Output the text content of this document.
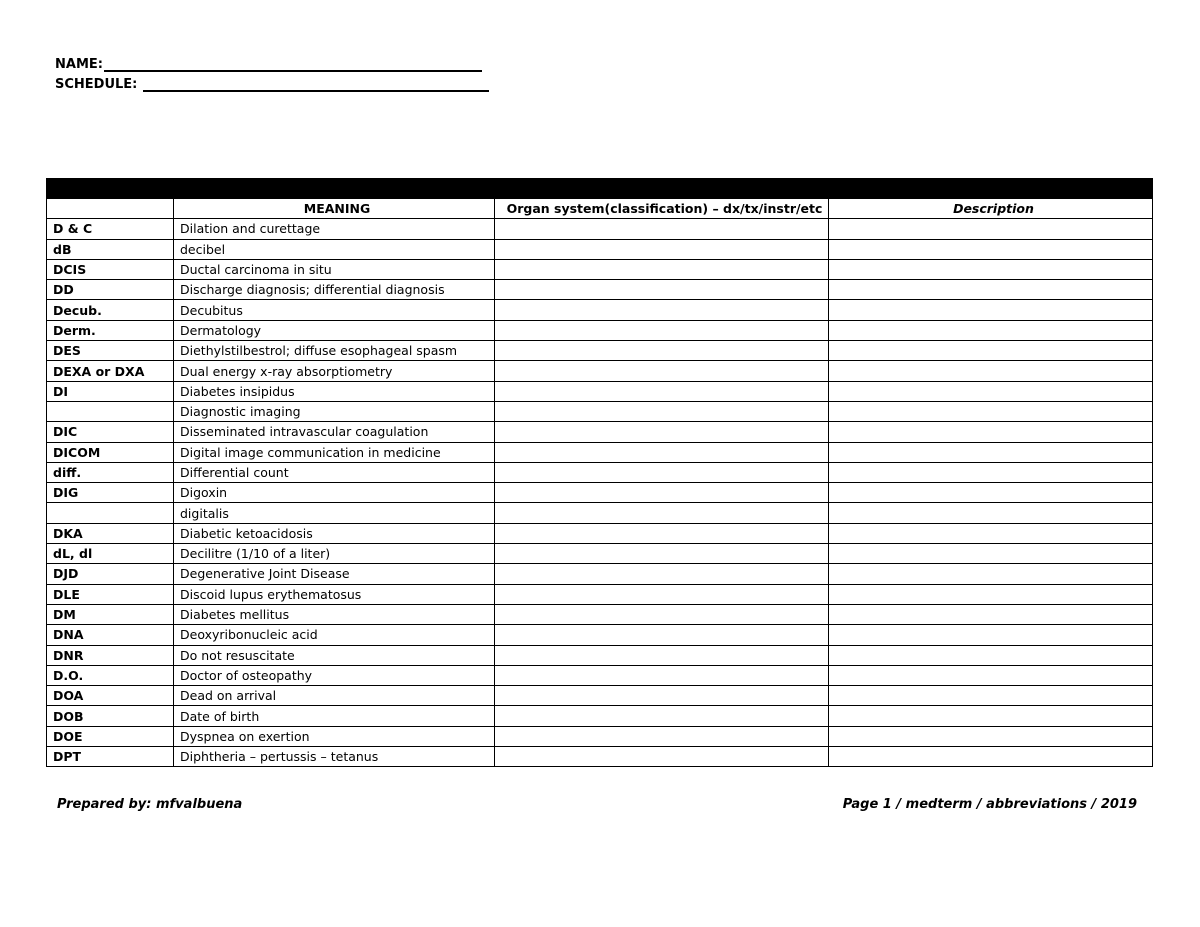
NAME:
SCHEDULE:

	MEANING	Organ system(classification) – dx/tx/instr/etc	Description
D & C	Dilation and curettage		
dB	decibel		
DCIS	Ductal carcinoma in situ		
DD	Discharge diagnosis; differential diagnosis		
Decub.	Decubitus		
Derm.	Dermatology		
DES	Diethylstilbestrol; diffuse esophageal spasm		
DEXA or DXA	Dual energy x-ray absorptiometry		
DI	Diabetes insipidus		
	Diagnostic imaging		
DIC	Disseminated intravascular coagulation		
DICOM	Digital image communication in medicine		
diff.	Differential count		
DIG	Digoxin		
	digitalis		
DKA	Diabetic ketoacidosis		
dL, dl	Decilitre (1/10 of a liter)		
DJD	Degenerative Joint Disease		
DLE	Discoid lupus erythematosus		
DM	Diabetes mellitus		
DNA	Deoxyribonucleic acid		
DNR	Do not resuscitate		
D.O.	Doctor of osteopathy		
DOA	Dead on arrival		
DOB	Date of birth		
DOE	Dyspnea on exertion		
DPT	Diphtheria – pertussis – tetanus		
Prepared by: mfvalbuena	Page 1 / medterm / abbreviations / 2019
